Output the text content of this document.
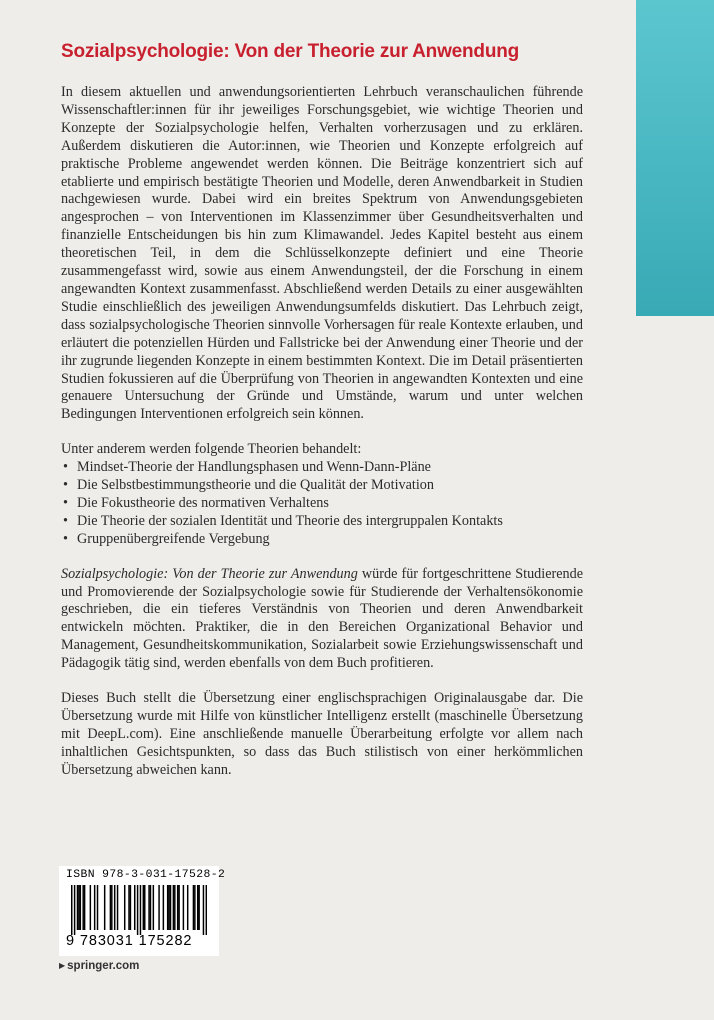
Sozialpsychologie: Von der Theorie zur Anwendung

In diesem aktuellen und anwendungsorientierten Lehrbuch veranschaulichen führende Wissenschaftler:innen für ihr jeweiliges Forschungsgebiet, wie wichtige Theorien und Konzepte der Sozialpsychologie helfen, Verhalten vorherzusagen und zu erklären. Außerdem diskutieren die Autor:innen, wie Theorien und Konzepte erfolgreich auf praktische Probleme angewendet werden können. Die Beiträge konzentriert sich auf etablierte und empirisch bestätigte Theorien und Modelle, deren Anwendbarkeit in Studien nachgewiesen wurde. Dabei wird ein breites Spektrum von Anwendungsgebieten angesprochen – von Interventionen im Klassenzimmer über Gesundheitsverhalten und finanzielle Entscheidungen bis hin zum Klimawandel. Jedes Kapitel besteht aus einem theoretischen Teil, in dem die Schlüsselkonzepte definiert und eine Theorie zusammengefasst wird, sowie aus einem Anwendungsteil, der die Forschung in einem angewandten Kontext zusammenfasst. Abschließend werden Details zu einer ausgewählten Studie einschließlich des jeweiligen Anwendungsumfelds diskutiert. Das Lehrbuch zeigt, dass sozialpsychologische Theorien sinnvolle Vorhersagen für reale Kontexte erlauben, und erläutert die potenziellen Hürden und Fallstricke bei der Anwendung einer Theorie und der ihr zugrunde liegenden Konzepte in einem bestimmten Kontext. Die im Detail präsentierten Studien fokussieren auf die Überprüfung von Theorien in angewandten Kontexten und eine genauere Untersuchung der Gründe und Umstände, warum und unter welchen Bedingungen Interventionen erfolgreich sein können.

Unter anderem werden folgende Theorien behandelt:
• Mindset-Theorie der Handlungsphasen und Wenn-Dann-Pläne
• Die Selbstbestimmungstheorie und die Qualität der Motivation
• Die Fokustheorie des normativen Verhaltens
• Die Theorie der sozialen Identität und Theorie des intergruppalen Kontakts
• Gruppenübergreifende Vergebung

Sozialpsychologie: Von der Theorie zur Anwendung würde für fortgeschrittene Studierende und Promovierende der Sozialpsychologie sowie für Studierende der Verhaltensökonomie geschrieben, die ein tieferes Verständnis von Theorien und deren Anwendbarkeit entwickeln möchten. Praktiker, die in den Bereichen Organizational Behavior und Management, Gesundheitskommunikation, Sozialarbeit sowie Erziehungswissenschaft und Pädagogik tätig sind, werden ebenfalls von dem Buch profitieren.

Dieses Buch stellt die Übersetzung einer englischsprachigen Originalausgabe dar. Die Übersetzung wurde mit Hilfe von künstlicher Intelligenz erstellt (maschinelle Übersetzung mit DeepL.com). Eine anschließende manuelle Überarbeitung erfolgte vor allem nach inhaltlichen Gesichtspunkten, so dass das Buch stilistisch von einer herkömmlichen Übersetzung abweichen kann.

ISBN 978-3-031-17528-2
9 783031 175282
▶ springer.com
